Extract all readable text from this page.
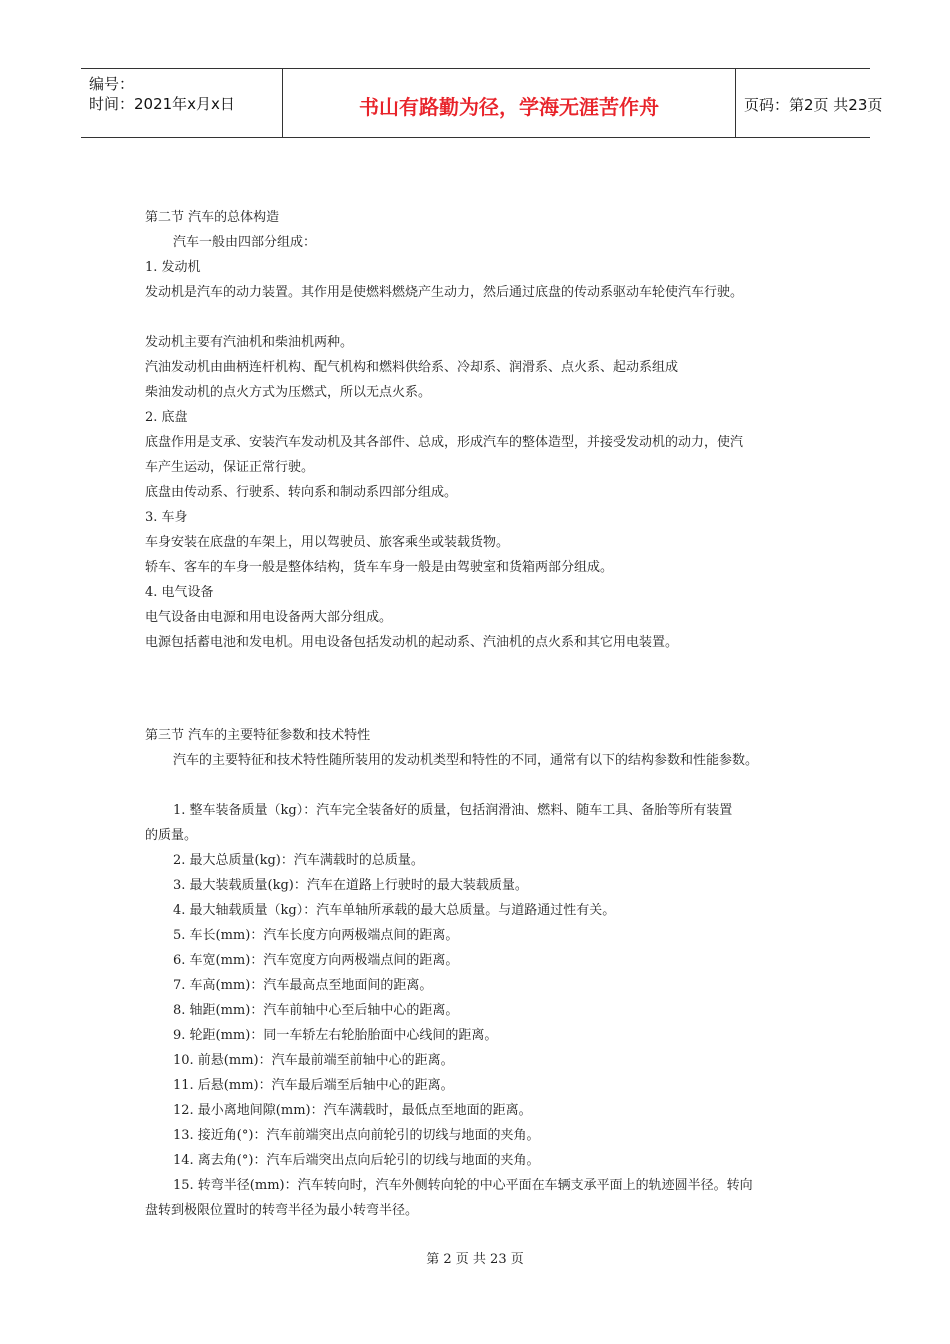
编号：
时间：2021年x月x日	书山有路勤为径，学海无涯苦作舟	页码：第2页 共23页
第二节 汽车的总体构造
汽车一般由四部分组成：
1. 发动机
发动机是汽车的动力装置。其作用是使燃料燃烧产生动力，然后通过底盘的传动系驱动车轮使汽车行驶。
发动机主要有汽油机和柴油机两种。
汽油发动机由曲柄连杆机构、配气机构和燃料供给系、冷却系、润滑系、点火系、起动系组成
柴油发动机的点火方式为压燃式，所以无点火系。
2. 底盘
底盘作用是支承、安装汽车发动机及其各部件、总成，形成汽车的整体造型，并接受发动机的动力，使汽
车产生运动，保证正常行驶。
底盘由传动系、行驶系、转向系和制动系四部分组成。
3. 车身
车身安装在底盘的车架上，用以驾驶员、旅客乘坐或装载货物。
轿车、客车的车身一般是整体结构，货车车身一般是由驾驶室和货箱两部分组成。
4. 电气设备
电气设备由电源和用电设备两大部分组成。
电源包括蓄电池和发电机。用电设备包括发动机的起动系、汽油机的点火系和其它用电装置。
第三节 汽车的主要特征参数和技术特性
汽车的主要特征和技术特性随所装用的发动机类型和特性的不同，通常有以下的结构参数和性能参数。
1. 整车装备质量（kg）：汽车完全装备好的质量，包括润滑油、燃料、随车工具、备胎等所有装置
的质量。
2. 最大总质量(kg)：汽车满载时的总质量。
3. 最大装载质量(kg)：汽车在道路上行驶时的最大装载质量。
4. 最大轴载质量（kg）：汽车单轴所承载的最大总质量。与道路通过性有关。
5. 车长(mm)：汽车长度方向两极端点间的距离。
6. 车宽(mm)：汽车宽度方向两极端点间的距离。
7. 车高(mm)：汽车最高点至地面间的距离。
8. 轴距(mm)：汽车前轴中心至后轴中心的距离。
9. 轮距(mm)：同一车轿左右轮胎胎面中心线间的距离。
10. 前悬(mm)：汽车最前端至前轴中心的距离。
11. 后悬(mm)：汽车最后端至后轴中心的距离。
12. 最小离地间隙(mm)：汽车满载时，最低点至地面的距离。
13. 接近角(°)：汽车前端突出点向前轮引的切线与地面的夹角。
14. 离去角(°)：汽车后端突出点向后轮引的切线与地面的夹角。
15. 转弯半径(mm)：汽车转向时，汽车外侧转向轮的中心平面在车辆支承平面上的轨迹圆半径。转向
盘转到极限位置时的转弯半径为最小转弯半径。
第 2 页 共 23 页
